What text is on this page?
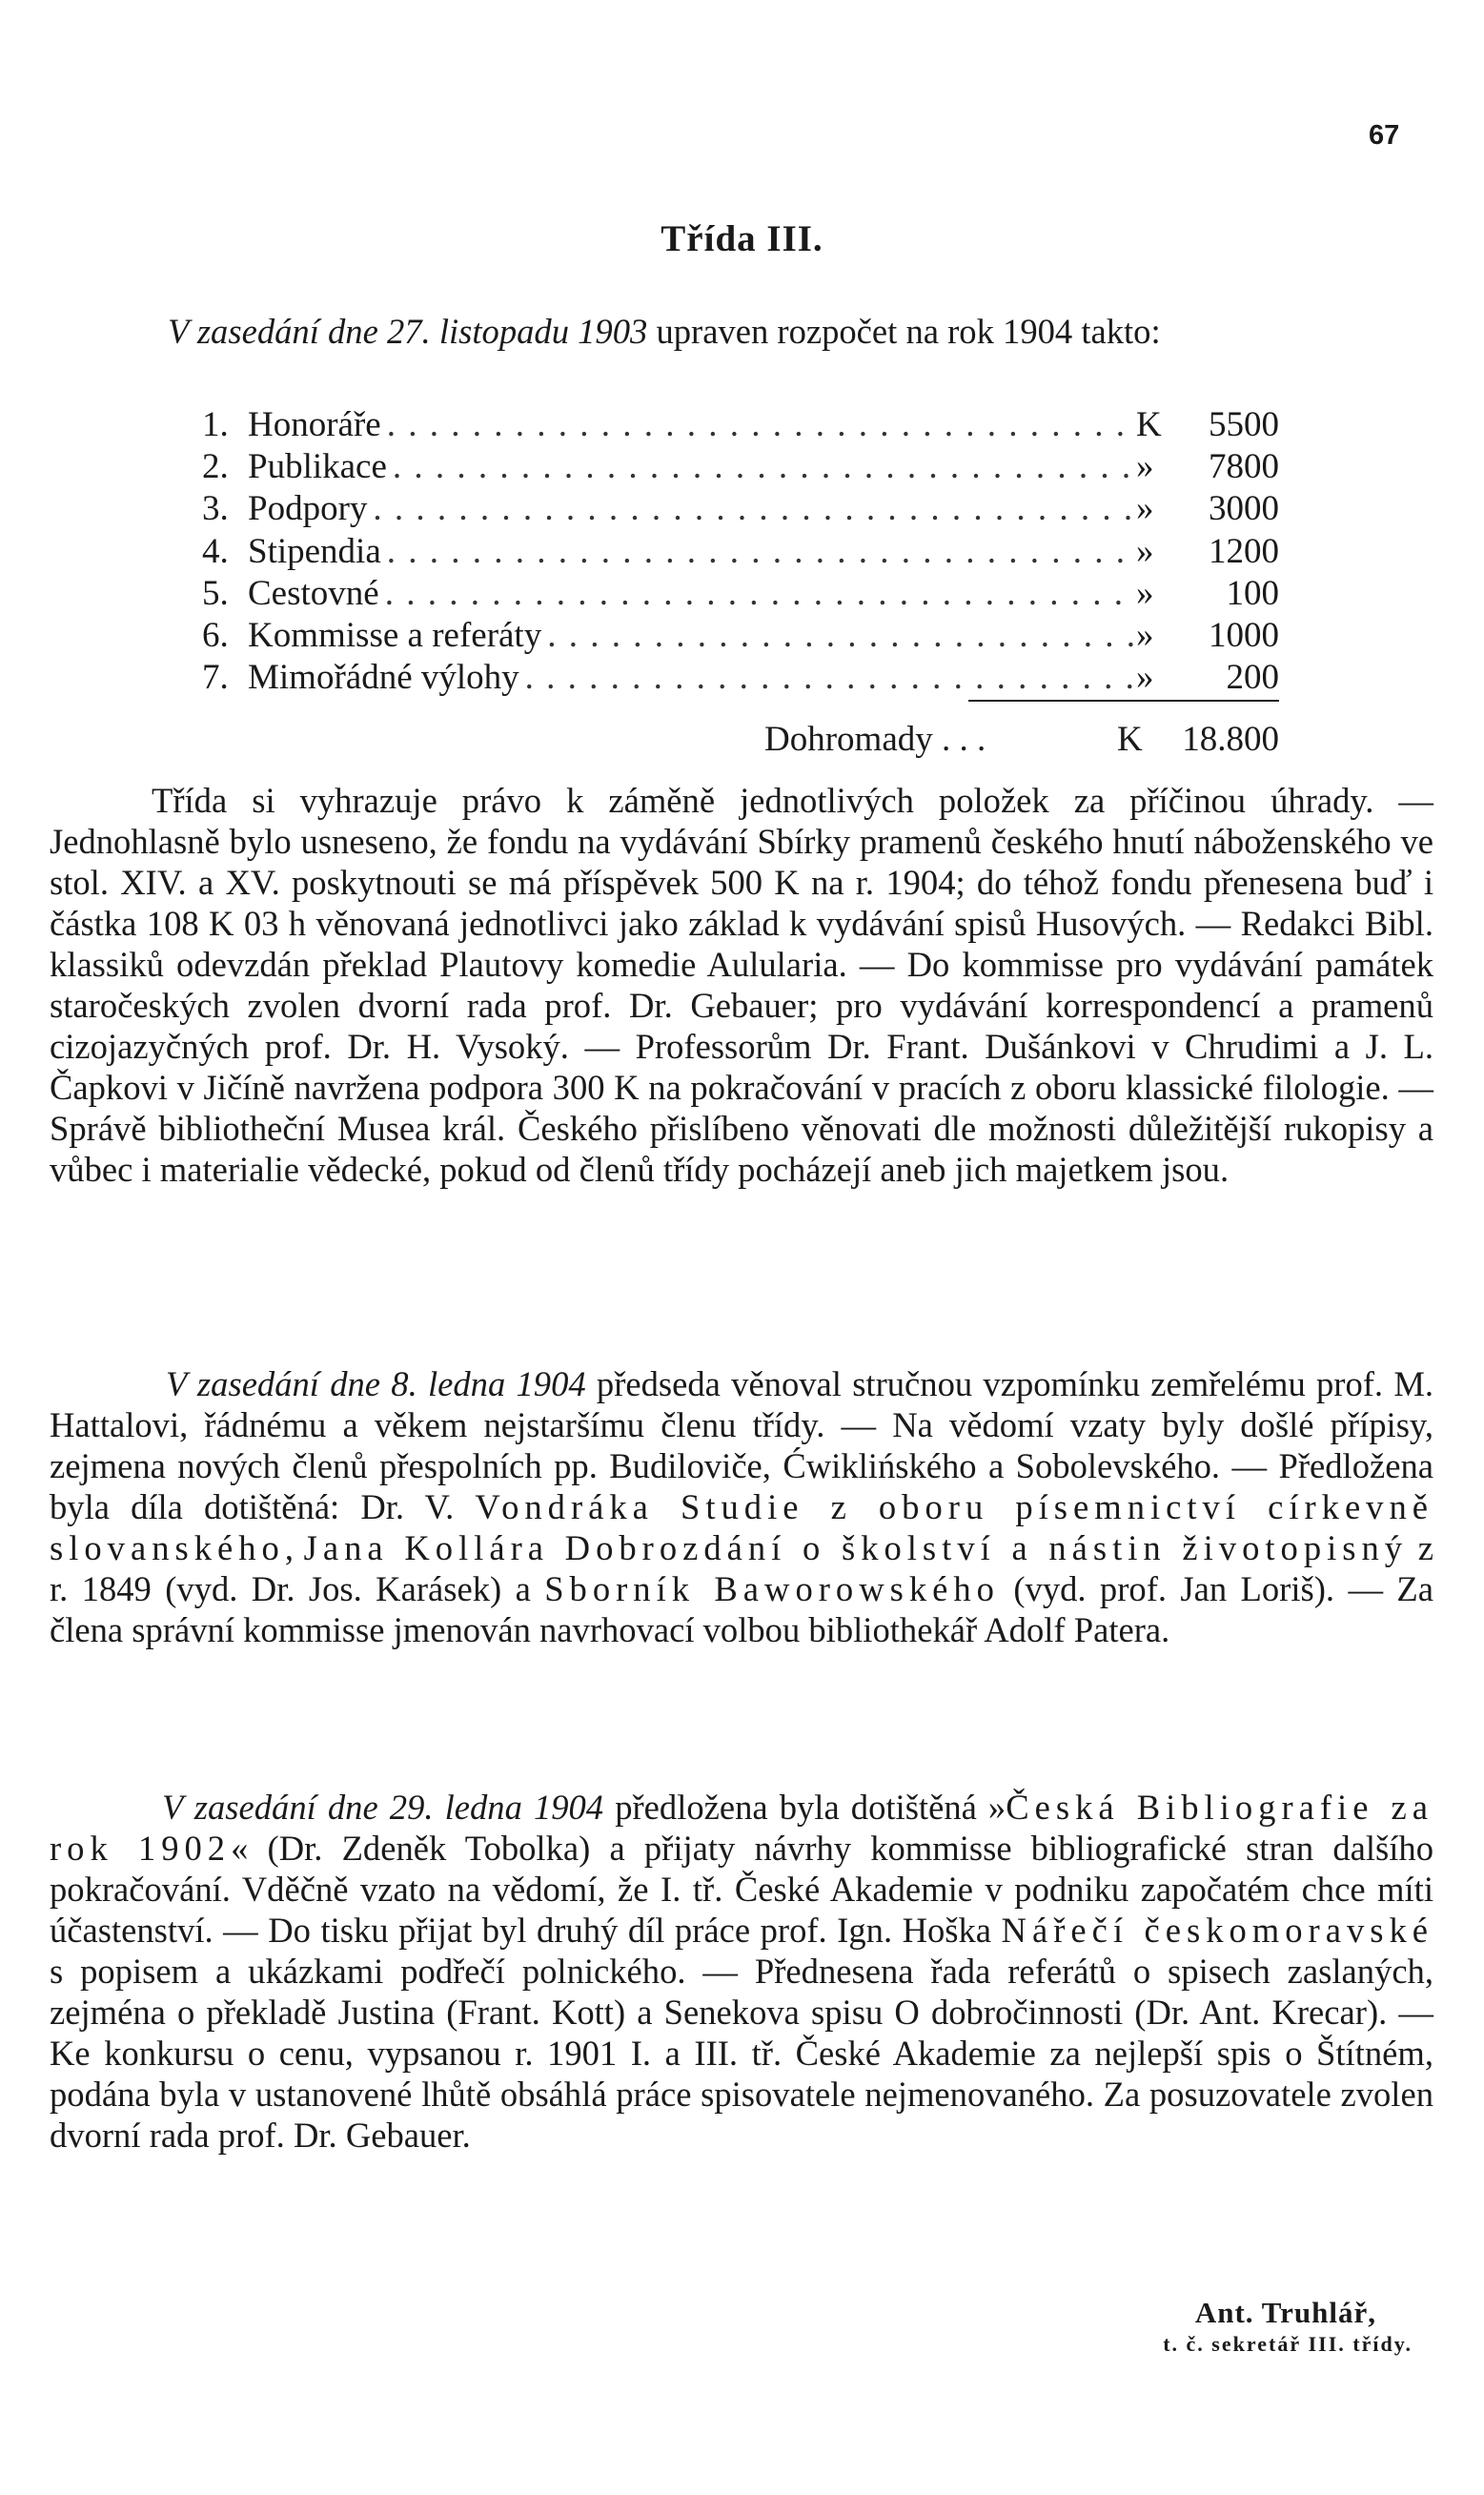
67
Třída III.
V zasedání dne 27. listopadu 1903 upraven rozpočet na rok 1904 takto:
1. Honoráře . . .	K	5500
2. Publikace . . .	»	7800
3. Podpory . . .	»	3000
4. Stipendia . . .	»	1200
5. Cestovné . . .	»	100
6. Kommisse a referáty . . .	»	1000
7. Mimořádné výlohy . . .	»	200
Dohromady . . .	K	18.800
Třída si vyhrazuje právo k záměně jednotlivých položek za příčinou úhrady. — Jednohlasně bylo usneseno, že fondu na vydávání Sbírky pramenů českého hnutí náboženského ve stol. XIV. a XV. poskytnouti se má příspěvek 500 K na r. 1904; do téhož fondu přenesena buď i částka 108 K 03 h věnovaná jednotlivci jako základ k vydávání spisů Husových. — Redakci Bibl. klassiků odevzdán překlad Plautovy komedie Aulularia. — Do kommisse pro vydávání památek staročeských zvolen dvorní rada prof. Dr. Gebauer; pro vydávání korrespondencí a pramenů cizojazyčných prof. Dr. H. Vysoký. — Professorům Dr. Frant. Dušánkovi v Chrudimi a J. L. Čapkovi v Jičíně navržena podpora 300 K na pokračování v pracích z oboru klassické filologie. — Správě bibliotheční Musea král. Českého přislíbeno věnovati dle možnosti důležitější rukopisy a vůbec i materialie vědecké, pokud od členů třídy pocházejí aneb jich majetkem jsou.
V zasedání dne 8. ledna 1904 předseda věnoval stručnou vzpomínku zemřelému prof. M. Hattalovi, řádnému a věkem nejstaršímu členu třídy. — Na vědomí vzaty byly došlé přípisy, zejmena nových členů přespolních pp. Budiloviče, Ćwiklińského a Sobolevského. — Předložena byla díla dotištěná: Dr. V. Vondráka Studie z oboru písemnictví církevně slovanského, Jana Kollára Dobrozdání o školství a nástin životopisný z r. 1849 (vyd. Dr. Jos. Karásek) a Sborník Baworowského (vyd. prof. Jan Loriš). — Za člena správní kommisse jmenován navrhovací volbou bibliothekář Adolf Patera.
V zasedání dne 29. ledna 1904 předložena byla dotištěná »Česká Bibliografie za rok 1902« (Dr. Zdeněk Tobolka) a přijaty návrhy kommisse bibliografické stran dalšího pokračování. Vděčně vzato na vědomí, že I. tř. České Akademie v podniku započatém chce míti účastenství. — Do tisku přijat byl druhý díl práce prof. Ign. Hoška Nářečí českomoravské s popisem a ukázkami podřečí polnického. — Přednesena řada referátů o spisech zaslaných, zejména o překladě Justina (Frant. Kott) a Senekova spisu O dobročinnosti (Dr. Ant. Krecar). — Ke konkursu o cenu, vypsanou r. 1901 I. a III. tř. České Akademie za nejlepší spis o Štítném, podána byla v ustanovené lhůtě obsáhlá práce spisovatele nejmenovaného. Za posuzovatele zvolen dvorní rada prof. Dr. Gebauer.
Ant. Truhlář,
t. č. sekretář III. třídy.
